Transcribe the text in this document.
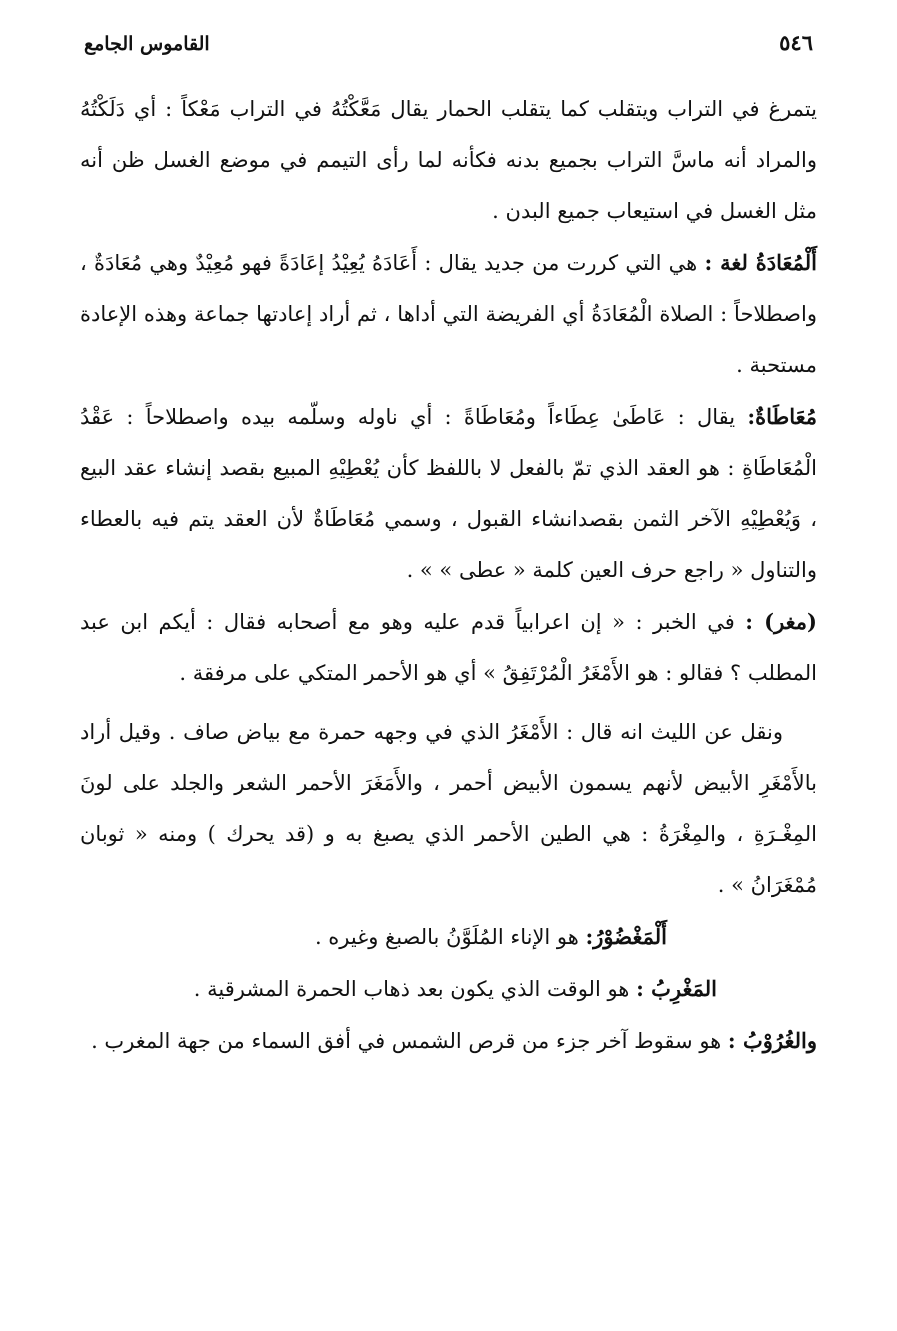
٥٤٦
القاموس الجامع

يتمرغ في التراب ويتقلب كما يتقلب الحمار يقال مَعَّكْتُهُ في التراب مَعْكاً : أي دَلَكْتُهُ والمراد أنه ماسَّ التراب بجميع بدنه فكأنه لما رأى التيمم في موضع الغسل ظن أنه مثل الغسل في استيعاب جميع البدن .

أَلْمُعَادَةُ لغة : هي التي كررت من جديد يقال : أَعَادَهُ يُعِيْدُ إعَادَةً فهو مُعِيْدٌ وهي مُعَادَةٌ ، واصطلاحاً : الصلاة الْمُعَادَةُ أي الفريضة التي أداها ، ثم أراد إعادتها جماعة وهذه الإعادة مستحبة .

مُعَاطَاةٌ: يقال : عَاطَىٰ عِطَاءاً ومُعَاطَاةً : أي ناوله وسلّمه بيده واصطلاحاً : عَقْدُ الْمُعَاطَاةِ : هو العقد الذي تمّ بالفعل لا باللفظ كأن يُعْطِيْهِ المبيع بقصد إنشاء عقد البيع ، وَيُعْطِيْهِ الآخر الثمن بقصدانشاء القبول ، وسمي مُعَاطَاةٌ لأن العقد يتم فيه بالعطاء والتناول « راجع حرف العين كلمة « عطى » » .

(مغر) : في الخبر : « إن اعرابياً قدم عليه وهو مع أصحابه فقال : أيكم ابن عبد المطلب ؟ فقالو : هو الأَمْغَرُ الْمُرْتَفِقُ » أي هو الأحمر المتكي على مرفقة .

ونقل عن الليث انه قال : الأَمْغَرُ الذي في وجهه حمرة مع بياض صاف . وقيل أراد بالأَمْغَرِ الأبيض لأنهم يسمون الأبيض أحمر ، والأَمَغَرَ الأحمر الشعر والجلد على لونَ المِغْـرَةِ ، والمِغْرَةُ : هي الطين الأحمر الذي يصبغ به و (قد يحرك ) ومنه « ثوبان مُمْغَرَانُ » .

أَلْمَغْضُوْرُ: هو الإناء المُلَوَّنُ بالصبغ وغيره .

المَغْرِبُ : هو الوقت الذي يكون بعد ذهاب الحمرة المشرقية .

والغُرُوْبُ : هو سقوط آخر جزء من قرص الشمس في أفق السماء من جهة المغرب .
